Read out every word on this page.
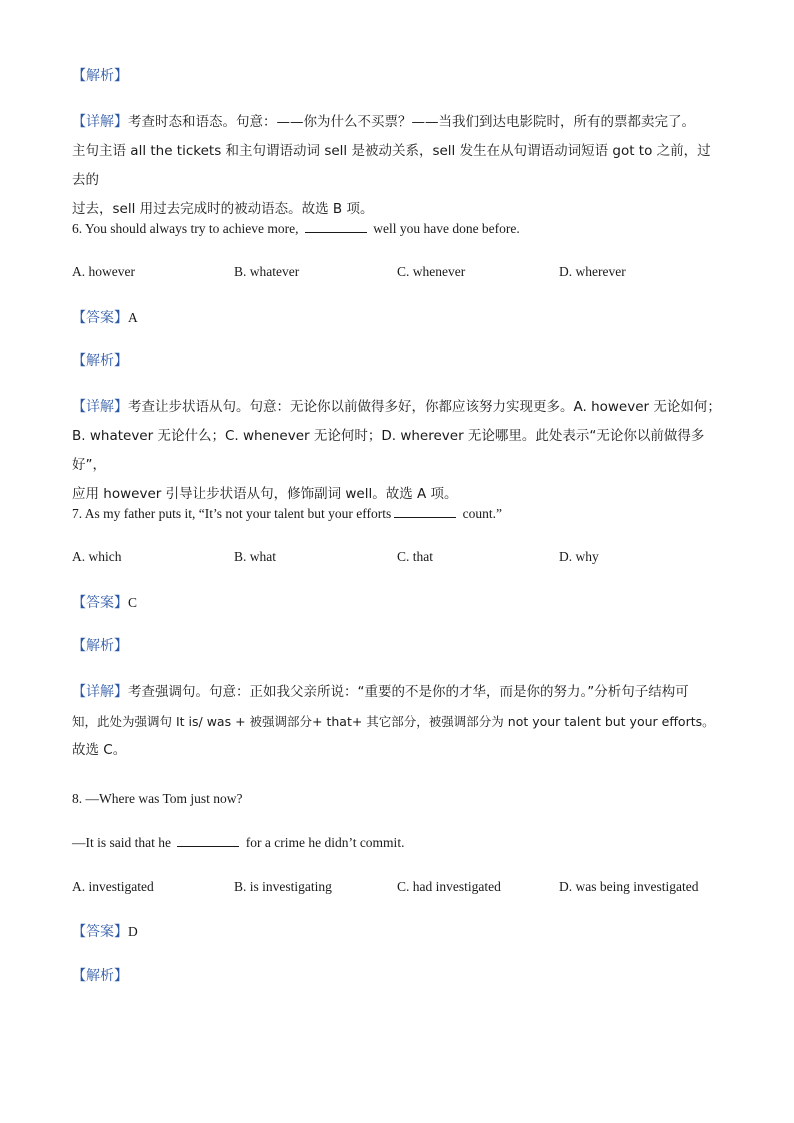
【解析】
【详解】考查时态和语态。句意：——你为什么不买票？——当我们到达电影院时，所有的票都卖完了。
主句主语 all the tickets 和主句谓语动词 sell 是被动关系，sell 发生在从句谓语动词短语 got to 之前，过去的
过去，sell 用过去完成时的被动语态。故选 B 项。
6. You should always try to achieve more,	well you have done before.
A. however	B. whatever	C. whenever	D. wherever
【答案】A
【解析】
【详解】考查让步状语从句。句意：无论你以前做得多好，你都应该努力实现更多。A. however 无论如何；
B. whatever 无论什么；C. whenever 无论何时；D. wherever 无论哪里。此处表示“无论你以前做得多好”，
应用 however 引导让步状语从句，修饰副词 well。故选 A 项。
7. As my father puts it, “It’s not your talent but your efforts	count.”
A. which	B. what	C. that	D. why
【答案】C
【解析】
【详解】考查强调句。句意：正如我父亲所说：“重要的不是你的才华，而是你的努力。”分析句子结构可
知，此处为强调句 It is/ was + 被强调部分+ that+ 其它部分，被强调部分为 not your talent but your efforts。
故选 C。
8. —Where was Tom just now?
—It is said that he	for a crime he didn’t commit.
A. investigated	B. is investigating	C. had investigated	D. was being investigated
【答案】D
【解析】
